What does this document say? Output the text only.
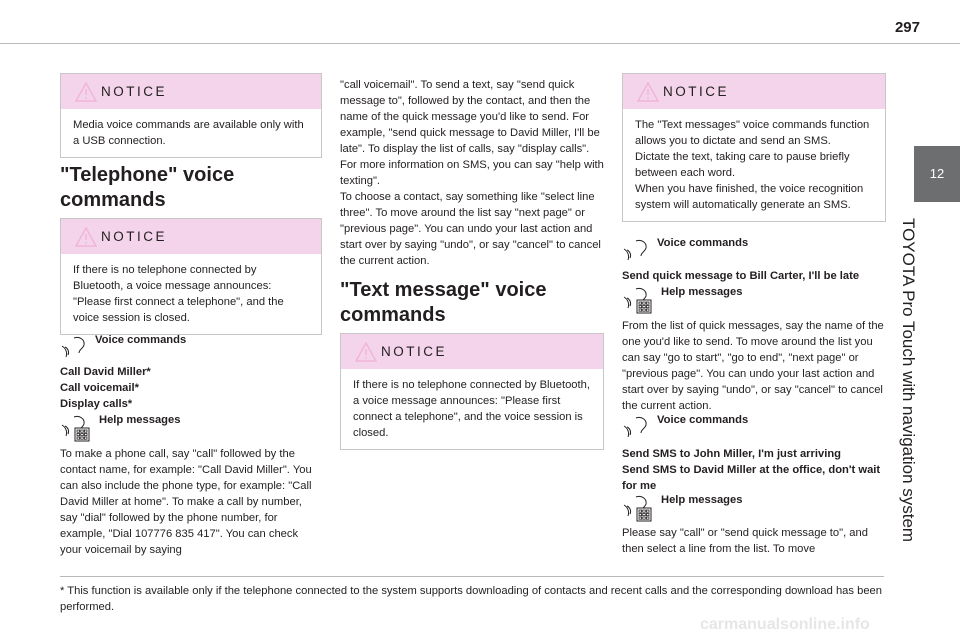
297
12
TOYOTA Pro Touch with navigation system
NOTICE
Media voice commands are available only with a USB connection.
"Telephone" voice
commands
NOTICE
If there is no telephone connected by Bluetooth, a voice message announces: "Please first connect a telephone", and the voice session is closed.
Voice commands
Call David Miller*
Call voicemail*
Display calls*
Help messages
To make a phone call, say "call" followed by the contact name, for example: "Call David Miller". You can also include the phone type, for example: "Call David Miller at home". To make a call by number, say "dial" followed by the phone number, for example, "Dial 107776 835 417". You can check your voicemail by saying
"call voicemail". To send a text, say "send quick message to", followed by the contact, and then the name of the quick message you'd like to send. For example, "send quick message to David Miller, I'll be late". To display the list of calls, say "display calls". For more information on SMS, you can say "help with texting".
To choose a contact, say something like "select line three". To move around the list say "next page" or "previous page". You can undo your last action and start over by saying "undo", or say "cancel" to cancel the current action.
"Text message" voice
commands
NOTICE
If there is no telephone connected by Bluetooth, a voice message announces: "Please first connect a telephone", and the voice session is closed.
NOTICE
The "Text messages" voice commands function allows you to dictate and send an SMS.
Dictate the text, taking care to pause briefly between each word.
When you have finished, the voice recognition system will automatically generate an SMS.
Voice commands
Send quick message to Bill Carter, I'll be late
Help messages
From the list of quick messages, say the name of the one you'd like to send. To move around the list you can say "go to start", "go to end", "next page" or "previous page". You can undo your last action and start over by saying "undo", or say "cancel" to cancel the current action.
Voice commands
Send SMS to John Miller, I'm just arriving
Send SMS to David Miller at the office, don't wait for me
Help messages
Please say "call" or "send quick message to", and then select a line from the list. To move
* This function is available only if the telephone connected to the system supports downloading of contacts and recent calls and the corresponding download has been performed.
carmanualsonline.info
